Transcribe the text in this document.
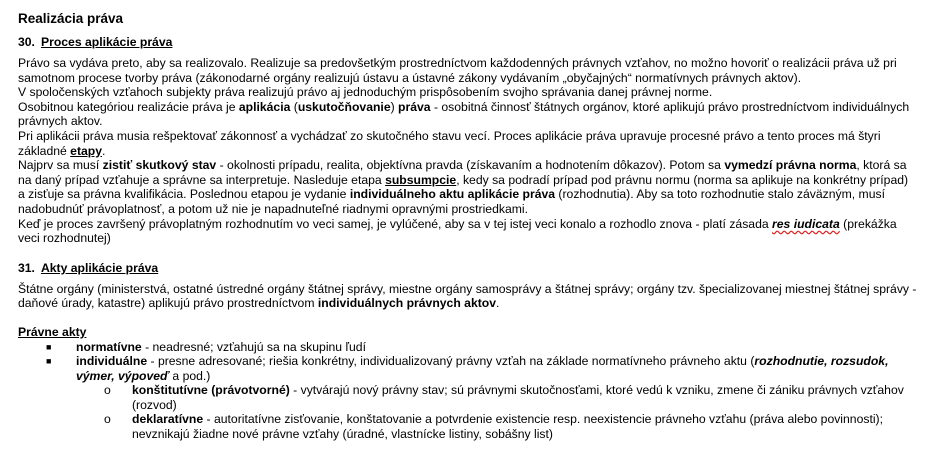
Realizácia práva
30. Proces aplikácie práva

Právo sa vydáva preto, aby sa realizovalo. Realizuje sa predovšetkým prostredníctvom každodenných právnych vzťahov, no možno hovoriť o realizácii práva už pri samotnom procese tvorby práva (zákonodarné orgány realizujú ústavu a ústavné zákony vydávaním „obyčajných“ normatívnych právnych aktov).

V spoločenských vzťahoch subjekty práva realizujú právo aj jednoduchým prispôsobením svojho správania danej právnej norme.

Osobitnou kategóriou realizácie práva je aplikácia (uskutočňovanie) práva - osobitná činnosť štátnych orgánov, ktoré aplikujú právo prostredníctvom individuálnych právnych aktov.

Pri aplikácii práva musia rešpektovať zákonnosť a vychádzať zo skutočného stavu vecí. Proces aplikácie práva upravuje procesné právo a tento proces má štyri základné etapy.

Najprv sa musí zistiť skutkový stav - okolnosti prípadu, realita, objektívna pravda (získavaním a hodnotením dôkazov). Potom sa vymedzí právna norma, ktorá sa na daný prípad vzťahuje a správne sa interpretuje. Nasleduje etapa subsumpcie, kedy sa podradí prípad pod právnu normu (norma sa aplikuje na konkrétny prípad) a zisťuje sa právna kvalifikácia. Poslednou etapou je vydanie individuálneho aktu aplikácie práva (rozhodnutia). Aby sa toto rozhodnutie stalo záväzným, musí nadobudnúť právoplatnosť, a potom už nie je napadnuteľné riadnymi opravnými prostriedkami.

Keď je proces završený právoplatným rozhodnutím vo veci samej, je vylúčené, aby sa v tej istej veci konalo a rozhodlo znova - platí zásada res iudicata (prekážka veci rozhodnutej)

31. Akty aplikácie práva

Štátne orgány (ministerstvá, ostatné ústredné orgány štátnej správy, miestne orgány samosprávy a štátnej správy; orgány tzv. špecializovanej miestnej štátnej správy - daňové úrady, katastre) aplikujú právo prostredníctvom individuálnych právnych aktov.

Právne akty

■ normatívne - neadresné; vzťahujú sa na skupinu ľudí

■ individuálne - presne adresované; riešia konkrétny, individualizovaný právny vzťah na základe normatívneho právneho aktu (rozhodnutie, rozsudok, výmer, výpoveď a pod.)

o konštitutívne (právotvorné) - vytvárajú nový právny stav; sú právnymi skutočnosťami, ktoré vedú k vzniku, zmene či zániku právnych vzťahov (rozvod)

o deklaratívne - autoritatívne zisťovanie, konštatovanie a potvrdenie existencie resp. neexistencie právneho vzťahu (práva alebo povinnosti); nevznikajú žiadne nové právne vzťahy (úradné, vlastnícke listiny, sobášny list)
